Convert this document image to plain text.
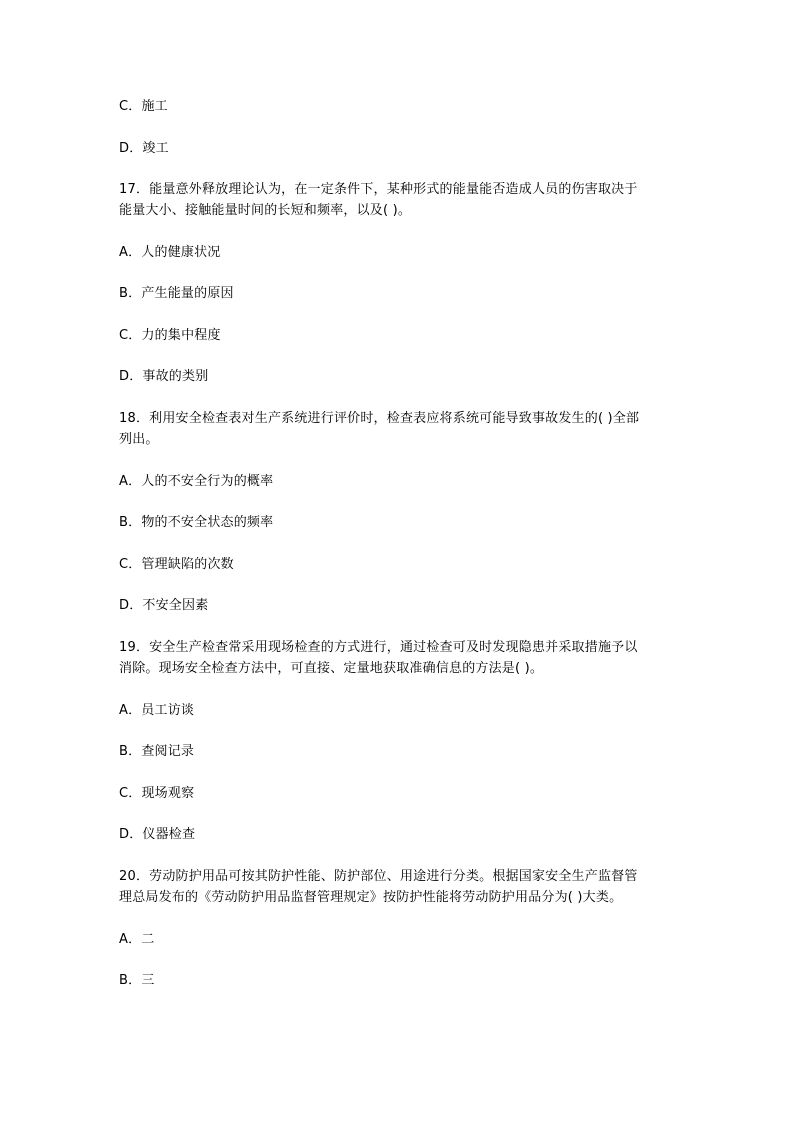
C．施工
D．竣工
17．能量意外释放理论认为，在一定条件下，某种形式的能量能否造成人员的伤害取决于
能量大小、接触能量时间的长短和频率，以及( )。
A．人的健康状况
B．产生能量的原因
C．力的集中程度
D．事故的类别
18．利用安全检查表对生产系统进行评价时，检查表应将系统可能导致事故发生的( )全部
列出。
A．人的不安全行为的概率
B．物的不安全状态的频率
C．管理缺陷的次数
D．不安全因素
19．安全生产检查常采用现场检查的方式进行，通过检查可及时发现隐患并采取措施予以
消除。现场安全检查方法中，可直接、定量地获取准确信息的方法是( )。
A．员工访谈
B．查阅记录
C．现场观察
D．仪器检查
20．劳动防护用品可按其防护性能、防护部位、用途进行分类。根据国家安全生产监督管
理总局发布的《劳动防护用品监督管理规定》按防护性能将劳动防护用品分为( )大类。
A．二
B．三
